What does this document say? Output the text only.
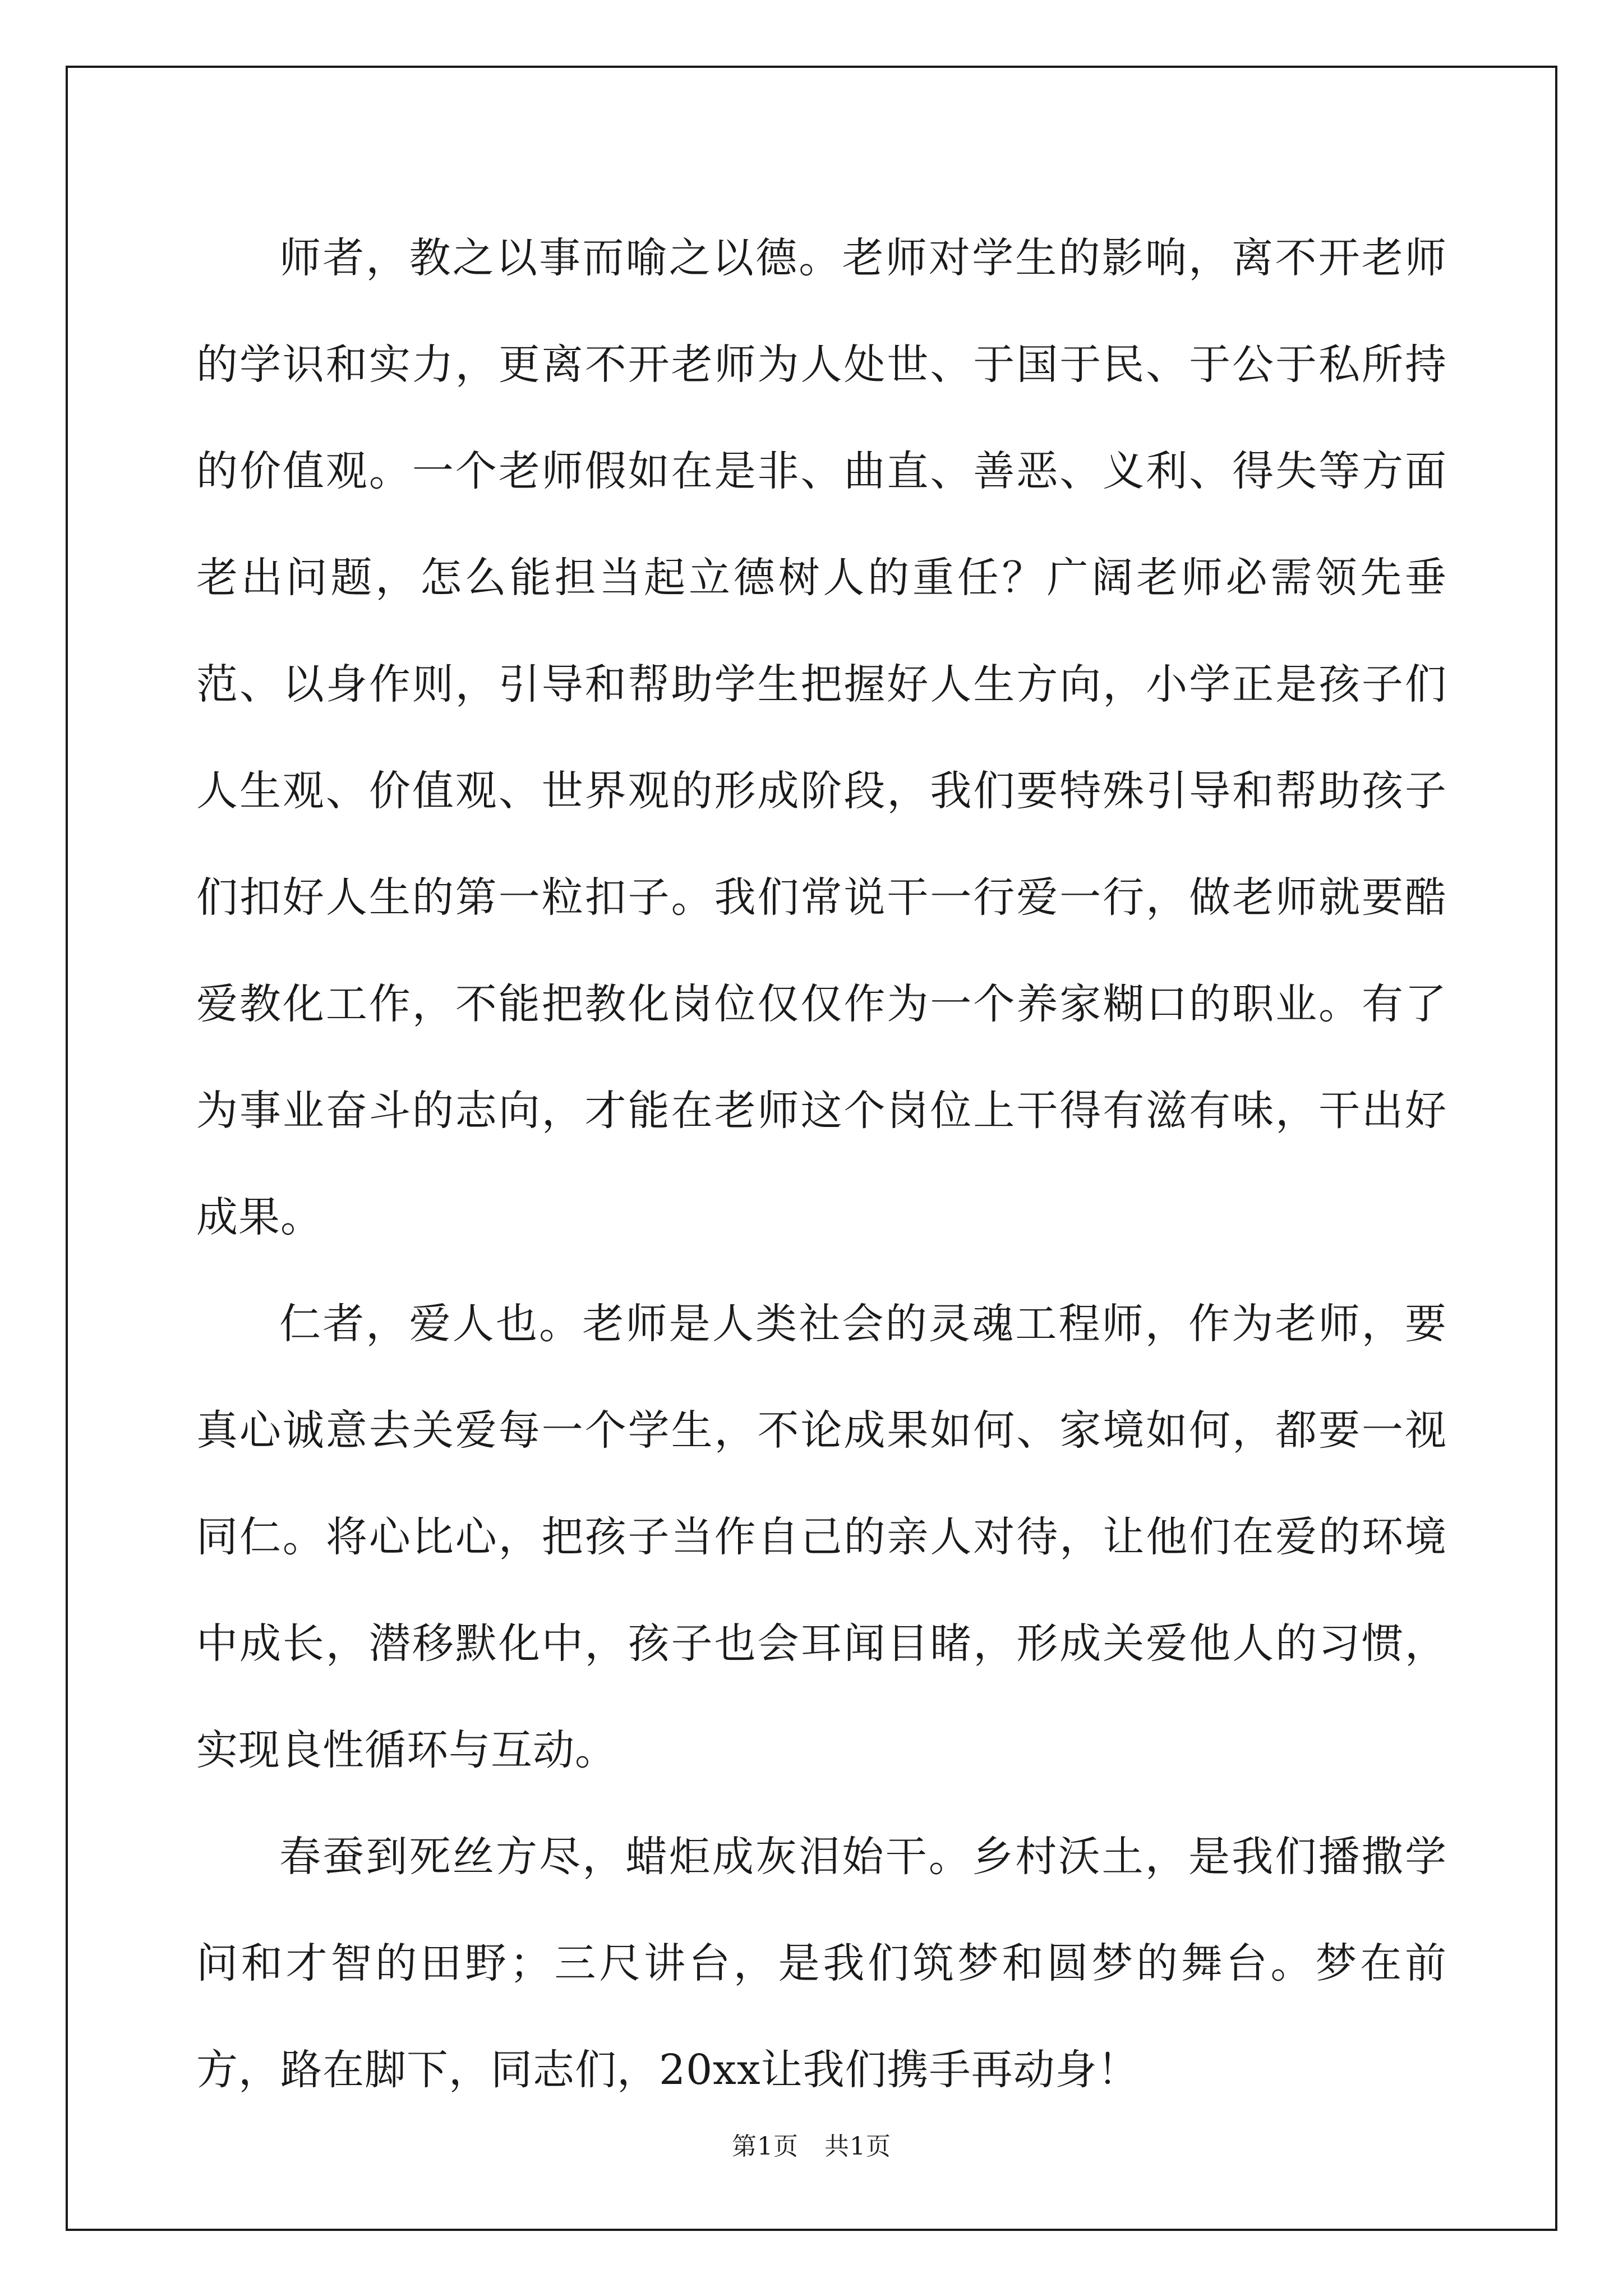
师者，教之以事而喻之以德。老师对学生的影响，离不开老师的学识和实力，更离不开老师为人处世、于国于民、于公于私所持的价值观。一个老师假如在是非、曲直、善恶、义利、得失等方面老出问题，怎么能担当起立德树人的重任？广阔老师必需领先垂范、以身作则，引导和帮助学生把握好人生方向，小学正是孩子们人生观、价值观、世界观的形成阶段，我们要特殊引导和帮助孩子们扣好人生的第一粒扣子。我们常说干一行爱一行，做老师就要酷爱教化工作，不能把教化岗位仅仅作为一个养家糊口的职业。有了为事业奋斗的志向，才能在老师这个岗位上干得有滋有味，干出好成果。

仁者，爱人也。老师是人类社会的灵魂工程师，作为老师，要真心诚意去关爱每一个学生，不论成果如何、家境如何，都要一视同仁。将心比心，把孩子当作自己的亲人对待，让他们在爱的环境中成长，潜移默化中，孩子也会耳闻目睹，形成关爱他人的习惯，实现良性循环与互动。

春蚕到死丝方尽，蜡炬成灰泪始干。乡村沃土，是我们播撒学问和才智的田野；三尺讲台，是我们筑梦和圆梦的舞台。梦在前方，路在脚下，同志们，20xx让我们携手再动身！

第1页 共1页
